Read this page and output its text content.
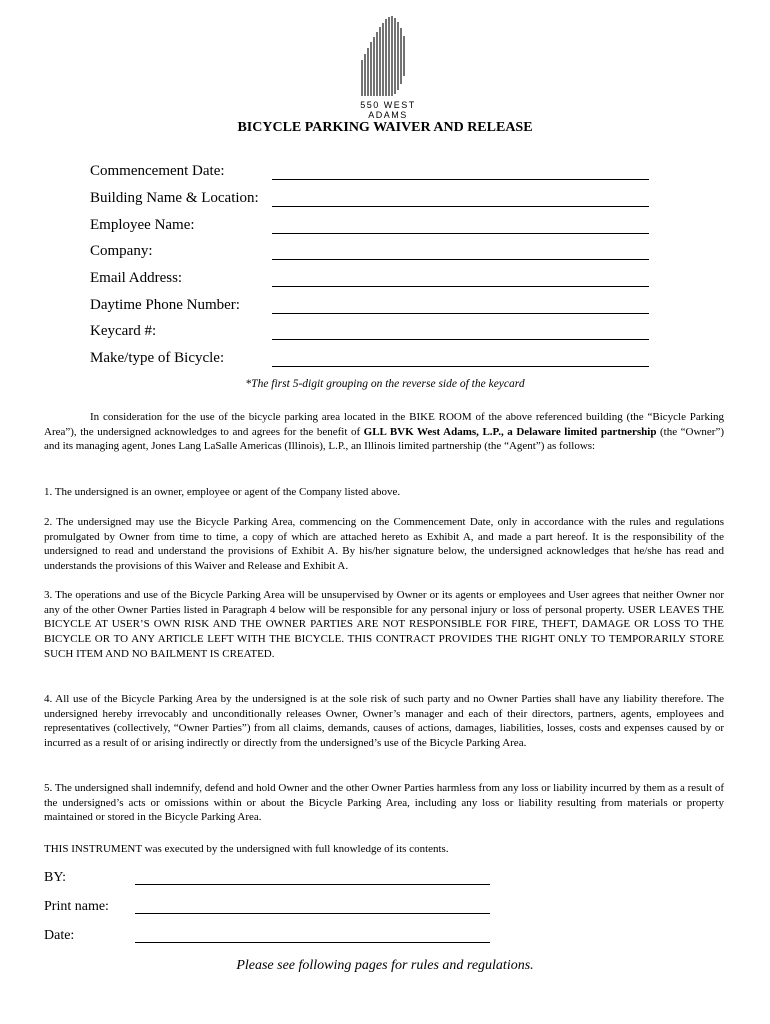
550 WEST ADAMS
BICYCLE PARKING WAIVER AND RELEASE
Commencement Date:
Building Name & Location:
Employee Name:
Company:
Email Address:
Daytime Phone Number:
Keycard #:
Make/type of Bicycle:
*The first 5-digit grouping on the reverse side of the keycard
In consideration for the use of the bicycle parking area located in the BIKE ROOM of the above referenced building (the “Bicycle Parking Area”), the undersigned acknowledges to and agrees for the benefit of GLL BVK West Adams, L.P., a Delaware limited partnership (the “Owner”) and its managing agent, Jones Lang LaSalle Americas (Illinois), L.P., an Illinois limited partnership (the “Agent”) as follows:
1. The undersigned is an owner, employee or agent of the Company listed above.
2. The undersigned may use the Bicycle Parking Area, commencing on the Commencement Date, only in accordance with the rules and regulations promulgated by Owner from time to time, a copy of which are attached hereto as Exhibit A, and made a part hereof. It is the responsibility of the undersigned to read and understand the provisions of Exhibit A. By his/her signature below, the undersigned acknowledges that he/she has read and understands the provisions of this Waiver and Release and Exhibit A.
3. The operations and use of the Bicycle Parking Area will be unsupervised by Owner or its agents or employees and User agrees that neither Owner nor any of the other Owner Parties listed in Paragraph 4 below will be responsible for any personal injury or loss of personal property. USER LEAVES THE BICYCLE AT USER’S OWN RISK AND THE OWNER PARTIES ARE NOT RESPONSIBLE FOR FIRE, THEFT, DAMAGE OR LOSS TO THE BICYCLE OR TO ANY ARTICLE LEFT WITH THE BICYCLE. THIS CONTRACT PROVIDES THE RIGHT ONLY TO TEMPORARILY STORE SUCH ITEM AND NO BAILMENT IS CREATED.
4. All use of the Bicycle Parking Area by the undersigned is at the sole risk of such party and no Owner Parties shall have any liability therefore. The undersigned hereby irrevocably and unconditionally releases Owner, Owner’s manager and each of their directors, partners, agents, employees and representatives (collectively, “Owner Parties”) from all claims, demands, causes of actions, damages, liabilities, losses, costs and expenses caused by or incurred as a result of or arising indirectly or directly from the undersigned’s use of the Bicycle Parking Area.
5. The undersigned shall indemnify, defend and hold Owner and the other Owner Parties harmless from any loss or liability incurred by them as a result of the undersigned’s acts or omissions within or about the Bicycle Parking Area, including any loss or liability resulting from materials or property maintained or stored in the Bicycle Parking Area.
THIS INSTRUMENT was executed by the undersigned with full knowledge of its contents.
BY:
Print name:
Date:
Please see following pages for rules and regulations.
